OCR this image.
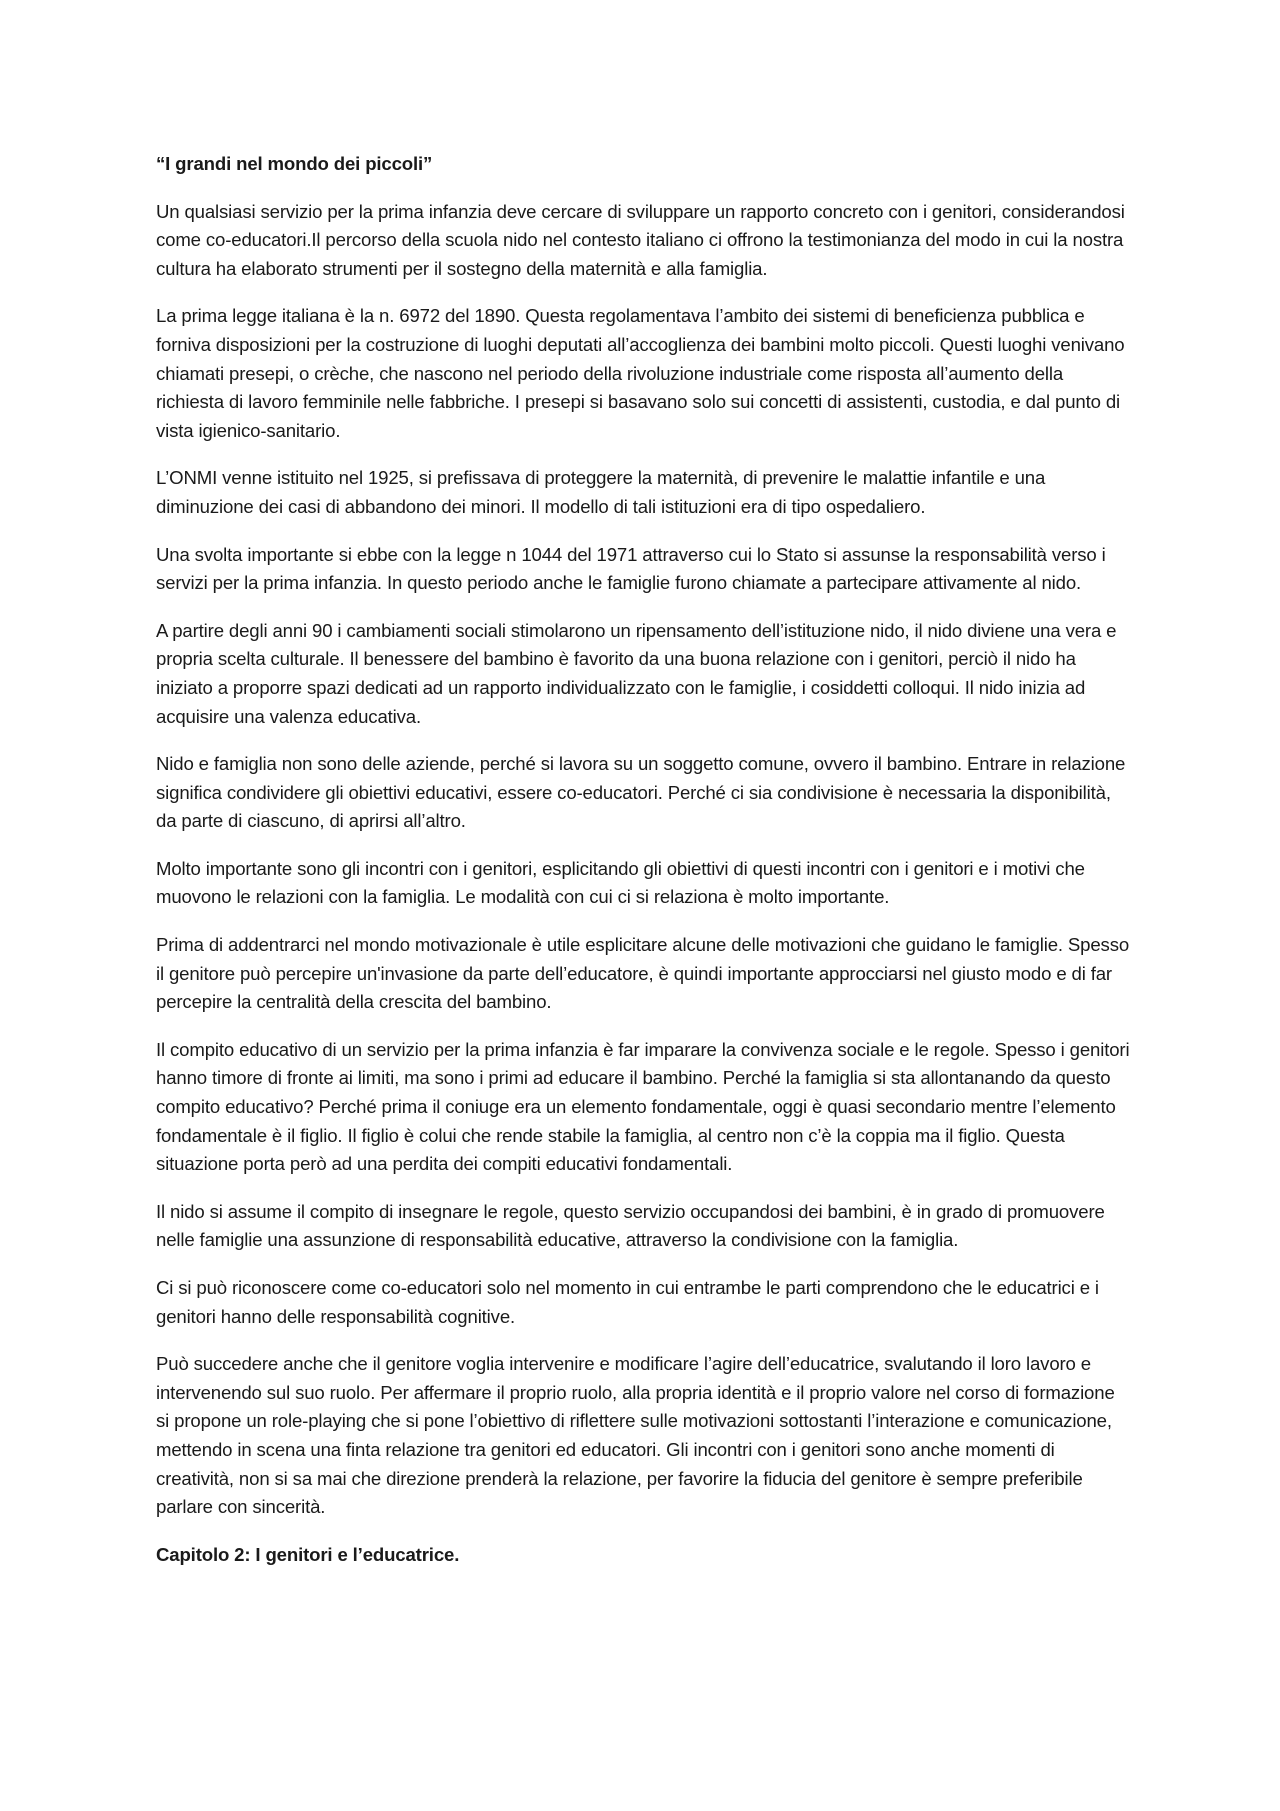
“I grandi nel mondo dei piccoli”

Un qualsiasi servizio per la prima infanzia deve cercare di sviluppare un rapporto concreto con i genitori, considerandosi come co-educatori.Il percorso della scuola nido nel contesto italiano ci offrono la testimonianza del modo in cui la nostra cultura ha elaborato strumenti per il sostegno della maternità e alla famiglia.

La prima legge italiana è la n. 6972 del 1890. Questa regolamentava l’ambito dei sistemi di beneficienza pubblica e forniva disposizioni per la costruzione di luoghi deputati all’accoglienza dei bambini molto piccoli. Questi luoghi venivano chiamati presepi, o crèche, che nascono nel periodo della rivoluzione industriale come risposta all’aumento della richiesta di lavoro femminile nelle fabbriche. I presepi si basavano solo sui concetti di assistenti, custodia, e dal punto di vista igienico-sanitario.

L’ONMI venne istituito nel 1925, si prefissava di proteggere la maternità, di prevenire le malattie infantile e una diminuzione dei casi di abbandono dei minori. Il modello di tali istituzioni era di tipo ospedaliero.

Una svolta importante si ebbe con la legge n 1044 del 1971 attraverso cui lo Stato si assunse la responsabilità verso i servizi per la prima infanzia. In questo periodo anche le famiglie furono chiamate a partecipare attivamente al nido.

A partire degli anni 90 i cambiamenti sociali stimolarono un ripensamento dell’istituzione nido, il nido diviene una vera e propria scelta culturale. Il benessere del bambino è favorito da una buona relazione con i genitori, perciò il nido ha iniziato a proporre spazi dedicati ad un rapporto individualizzato con le famiglie, i cosiddetti colloqui. Il nido inizia ad acquisire una valenza educativa.

Nido e famiglia non sono delle aziende, perché si lavora su un soggetto comune, ovvero il bambino. Entrare in relazione significa condividere gli obiettivi educativi, essere co-educatori. Perché ci sia condivisione è necessaria la disponibilità, da parte di ciascuno, di aprirsi all’altro.

Molto importante sono gli incontri con i genitori, esplicitando gli obiettivi di questi incontri con i genitori e i motivi che muovono le relazioni con la famiglia. Le modalità con cui ci si relaziona è molto importante.

Prima di addentrarci nel mondo motivazionale è utile esplicitare alcune delle motivazioni che guidano le famiglie. Spesso il genitore può percepire un'invasione da parte dell’educatore, è quindi importante approcciarsi nel giusto modo e di far percepire la centralità della crescita del bambino.

Il compito educativo di un servizio per la prima infanzia è far imparare la convivenza sociale e le regole. Spesso i genitori hanno timore di fronte ai limiti, ma sono i primi ad educare il bambino. Perché la famiglia si sta allontanando da questo compito educativo? Perché prima il coniuge era un elemento fondamentale, oggi è quasi secondario mentre l’elemento fondamentale è il figlio. Il figlio è colui che rende stabile la famiglia, al centro non c’è la coppia ma il figlio. Questa situazione porta però ad una perdita dei compiti educativi fondamentali.

Il nido si assume il compito di insegnare le regole, questo servizio occupandosi dei bambini, è in grado di promuovere nelle famiglie una assunzione di responsabilità educative, attraverso la condivisione con la famiglia.

Ci si può riconoscere come co-educatori solo nel momento in cui entrambe le parti comprendono che le educatrici e i genitori hanno delle responsabilità cognitive.

Può succedere anche che il genitore voglia intervenire e modificare l’agire dell’educatrice, svalutando il loro lavoro e intervenendo sul suo ruolo. Per affermare il proprio ruolo, alla propria identità e il proprio valore nel corso di formazione si propone un role-playing che si pone l’obiettivo di riflettere sulle motivazioni sottostanti l’interazione e comunicazione, mettendo in scena una finta relazione tra genitori ed educatori. Gli incontri con i genitori sono anche momenti di creatività, non si sa mai che direzione prenderà la relazione, per favorire la fiducia del genitore è sempre preferibile parlare con sincerità.

Capitolo 2: I genitori e l’educatrice.
